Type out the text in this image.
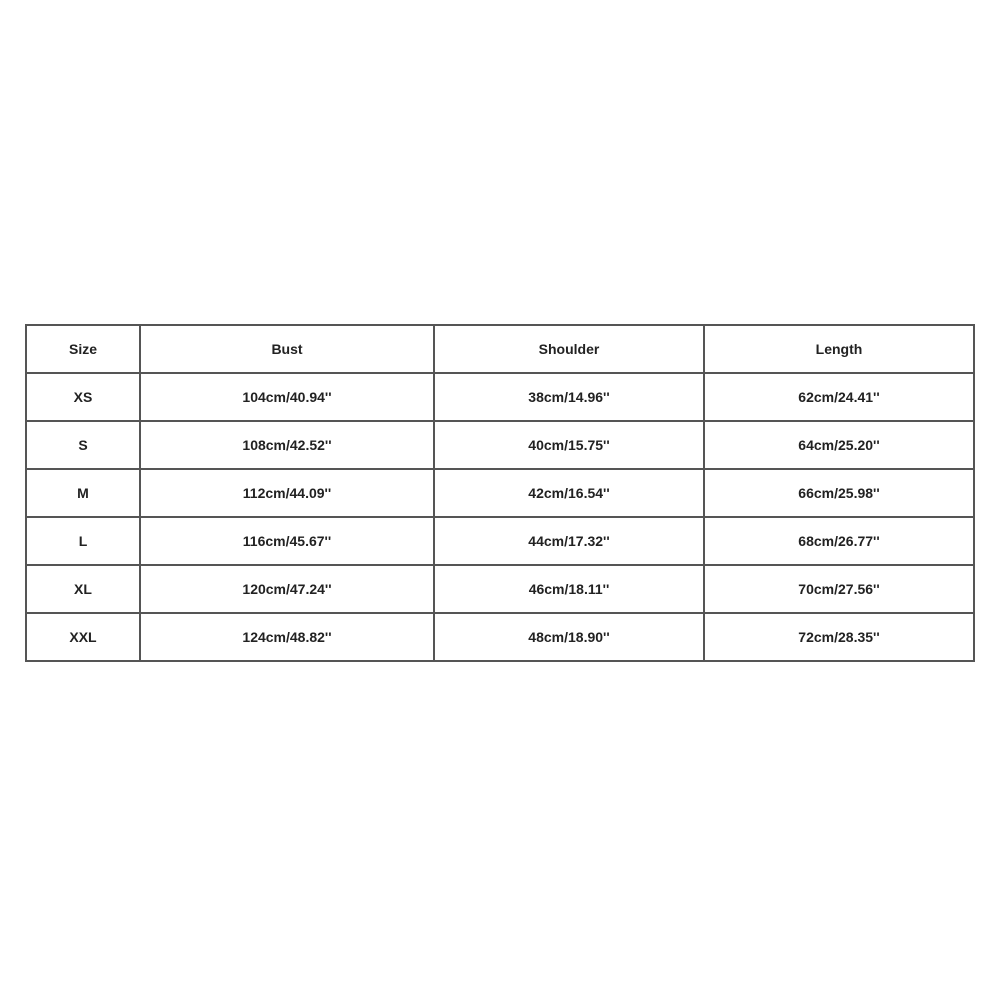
Size	Bust	Shoulder	Length
XS	104cm/40.94''	38cm/14.96''	62cm/24.41''
S	108cm/42.52''	40cm/15.75''	64cm/25.20''
M	112cm/44.09''	42cm/16.54''	66cm/25.98''
L	116cm/45.67''	44cm/17.32''	68cm/26.77''
XL	120cm/47.24''	46cm/18.11''	70cm/27.56''
XXL	124cm/48.82''	48cm/18.90''	72cm/28.35''
